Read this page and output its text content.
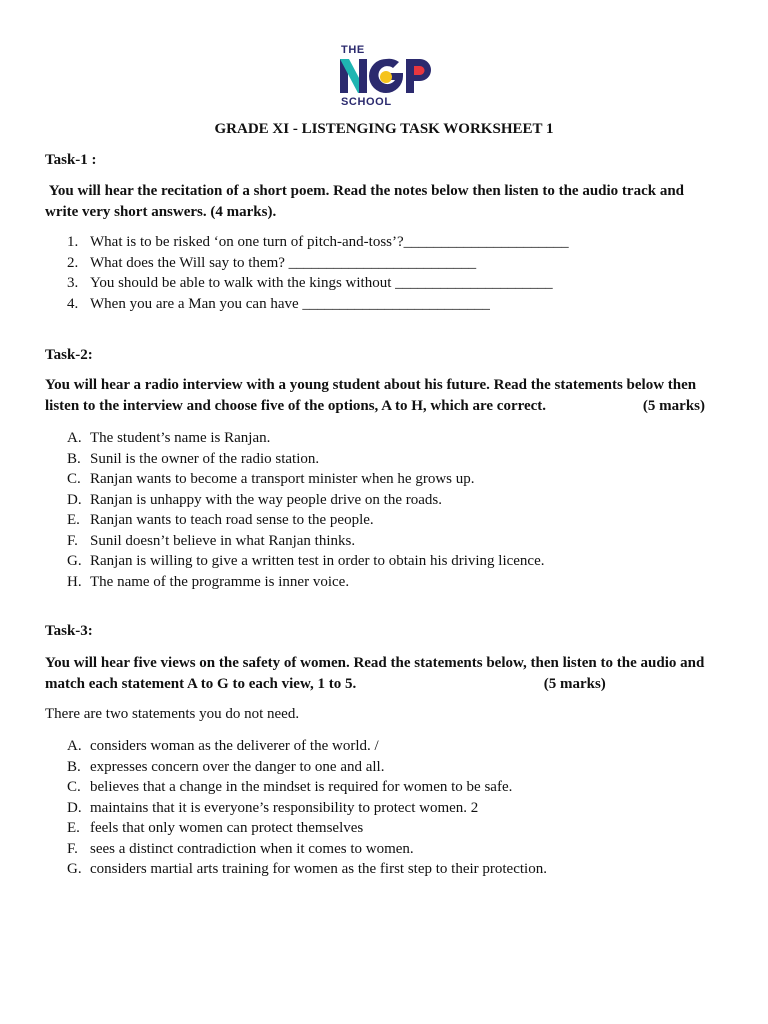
THE
SCHOOL
GRADE XI - LISTENGING TASK WORKSHEET 1
Task-1 :
You will hear the recitation of a short poem. Read the notes below then listen to the audio track and write very short answers. (4 marks).
1. What is to be risked ‘on one turn of pitch-and-toss’?______________________
2. What does the Will say to them? _________________________
3. You should be able to walk with the kings without _____________________
4. When you are a Man you can have _________________________
Task-2:
You will hear a radio interview with a young student about his future. Read the statements below then listen to the interview and choose five of the options, A to H, which are correct.	(5 marks)
A. The student’s name is Ranjan.
B. Sunil is the owner of the radio station.
C. Ranjan wants to become a transport minister when he grows up.
D. Ranjan is unhappy with the way people drive on the roads.
E. Ranjan wants to teach road sense to the people.
F. Sunil doesn’t believe in what Ranjan thinks.
G. Ranjan is willing to give a written test in order to obtain his driving licence.
H. The name of the programme is inner voice.
Task-3:
You will hear five views on the safety of women. Read the statements below, then listen to the audio and match each statement A to G to each view, 1 to 5.	(5 marks)
There are two statements you do not need.
A. considers woman as the deliverer of the world. /
B. expresses concern over the danger to one and all.
C. believes that a change in the mindset is required for women to be safe.
D. maintains that it is everyone’s responsibility to protect women. 2
E. feels that only women can protect themselves
F. sees a distinct contradiction when it comes to women.
G. considers martial arts training for women as the first step to their protection.
